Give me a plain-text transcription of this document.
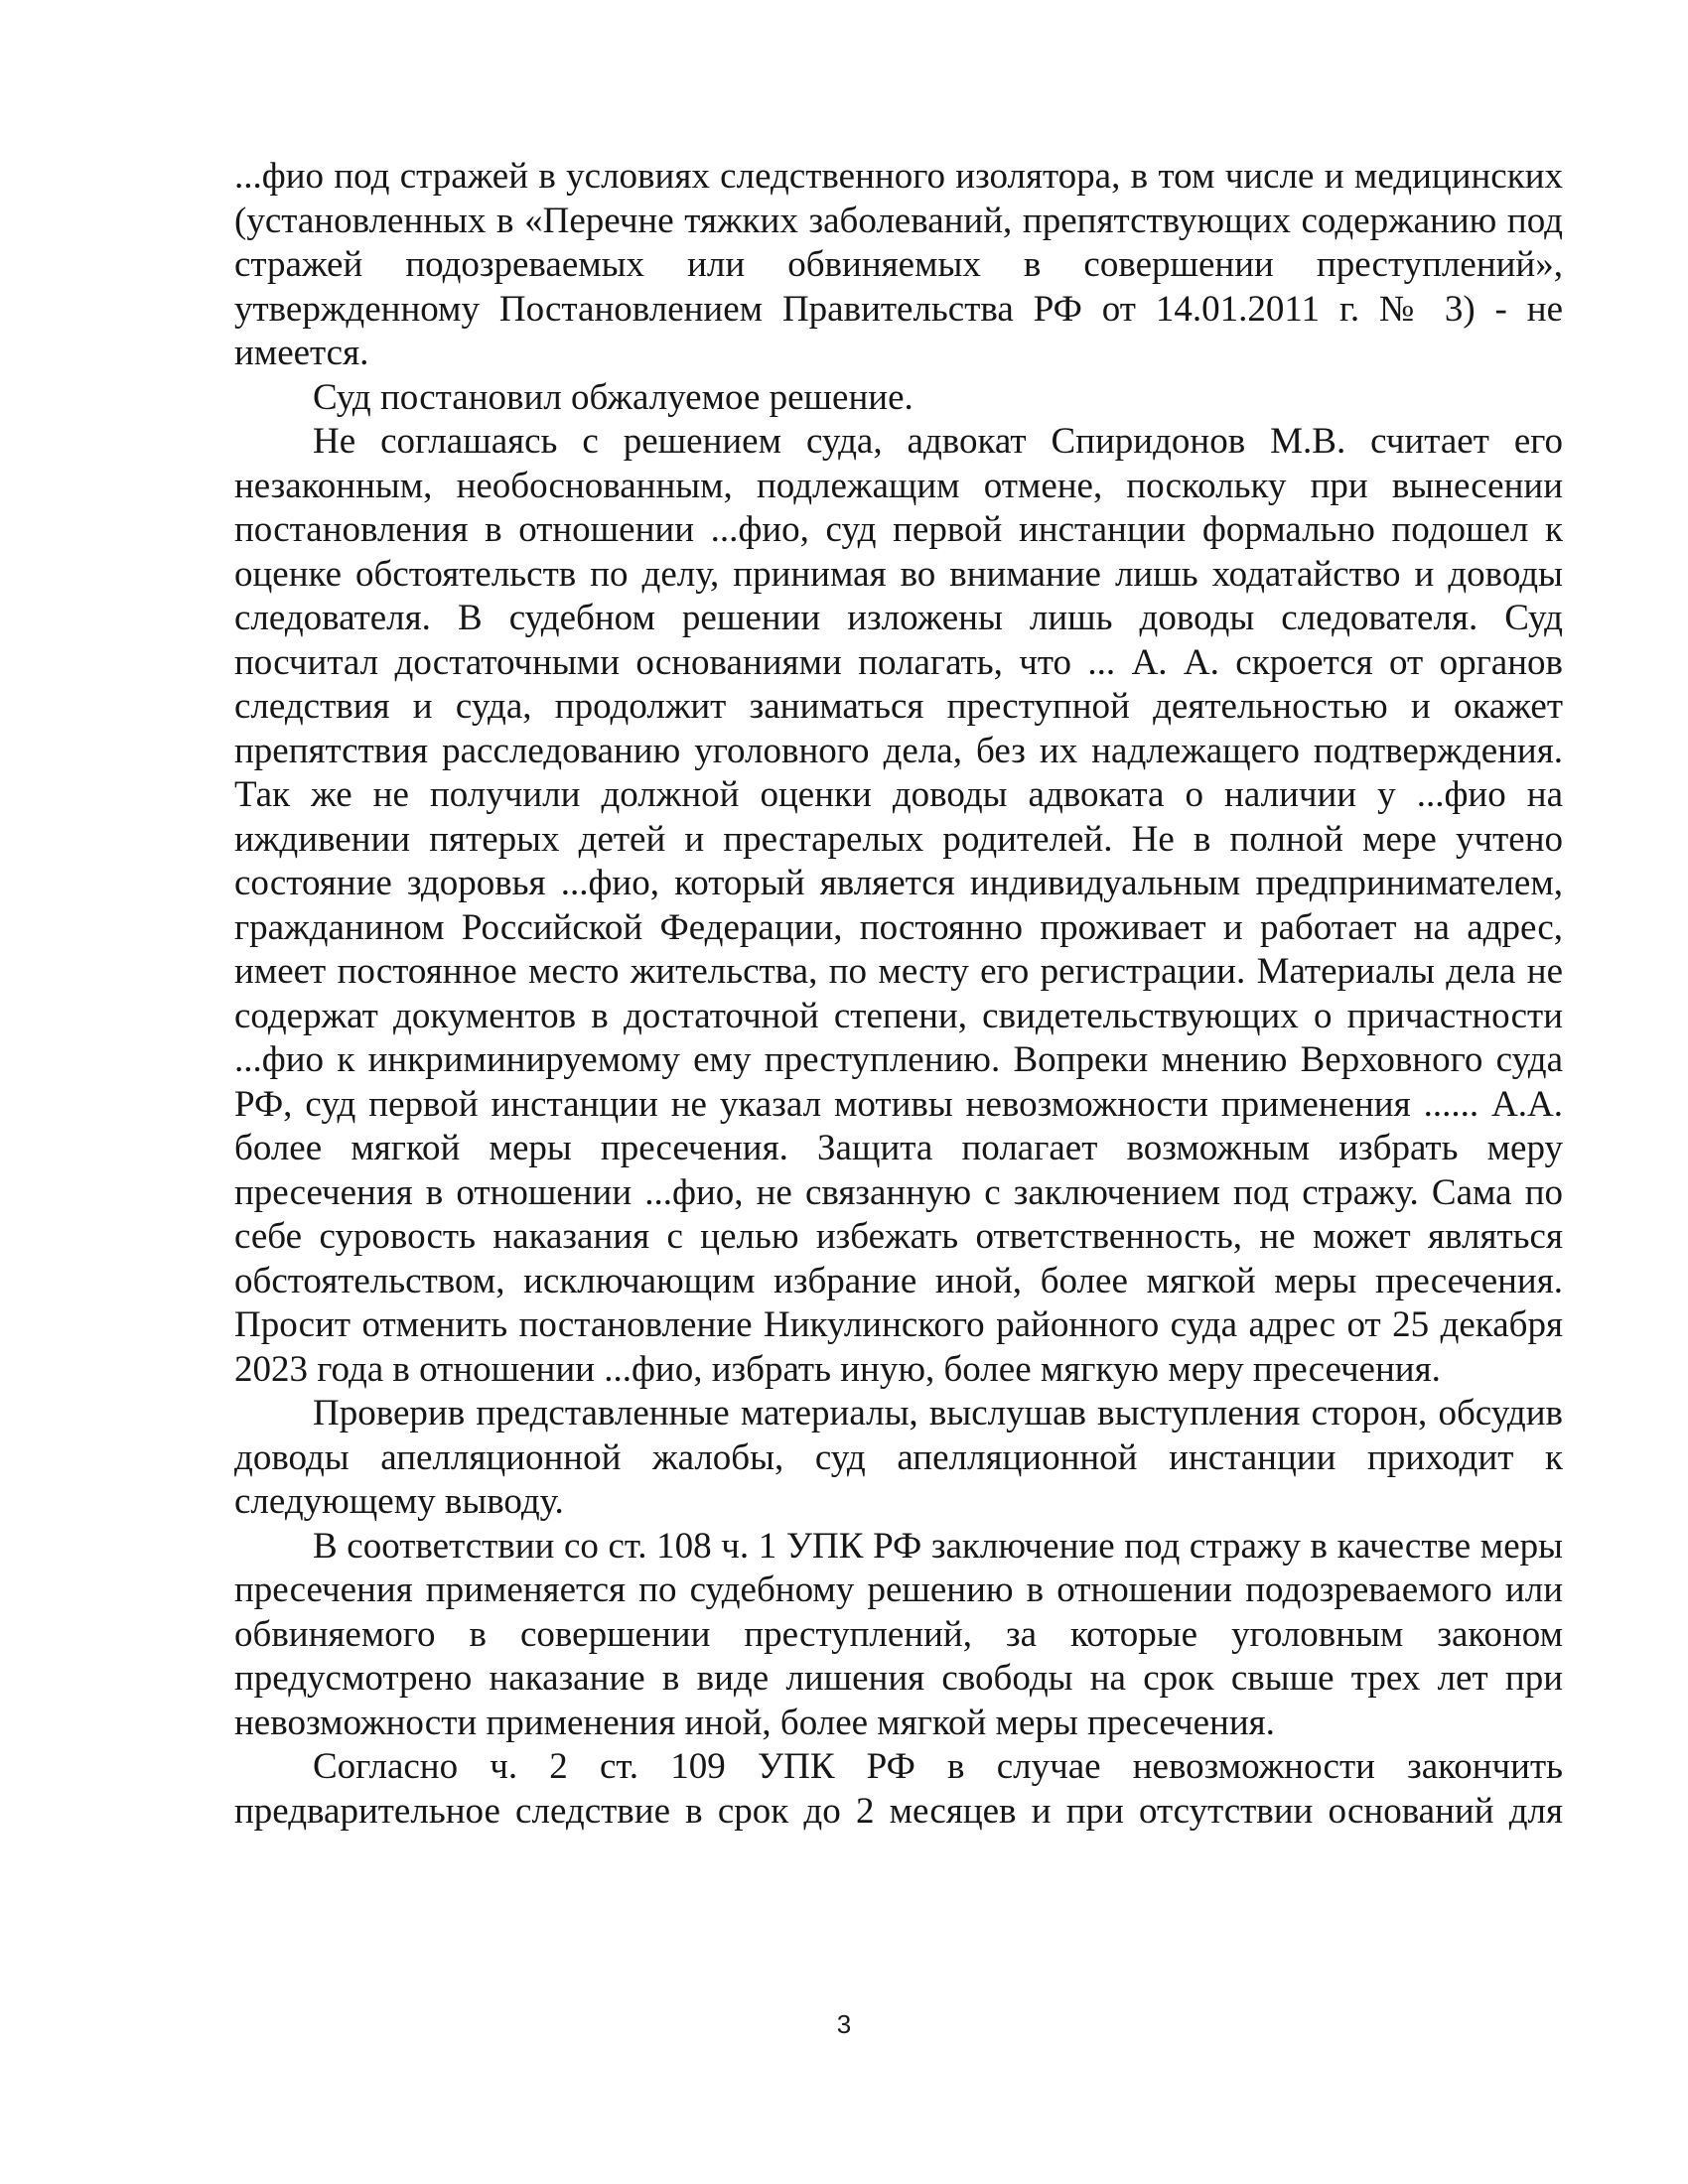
...фио под стражей в условиях следственного изолятора, в том числе и медицинских (установленных в «Перечне тяжких заболеваний, препятствующих содержанию под стражей подозреваемых или обвиняемых в совершении преступлений», утвержденному Постановлением Правительства РФ от 14.01.2011 г. № 3) - не имеется.

Суд постановил обжалуемое решение.

Не соглашаясь с решением суда, адвокат Спиридонов М.В. считает его незаконным, необоснованным, подлежащим отмене, поскольку при вынесении постановления в отношении ...фио, суд первой инстанции формально подошел к оценке обстоятельств по делу, принимая во внимание лишь ходатайство и доводы следователя. В судебном решении изложены лишь доводы следователя. Суд посчитал достаточными основаниями полагать, что ... А. А. скроется от органов следствия и суда, продолжит заниматься преступной деятельностью и окажет препятствия расследованию уголовного дела, без их надлежащего подтверждения. Так же не получили должной оценки доводы адвоката о наличии у ...фио на иждивении пятерых детей и престарелых родителей. Не в полной мере учтено состояние здоровья ...фио, который является индивидуальным предпринимателем, гражданином Российской Федерации, постоянно проживает и работает на адрес, имеет постоянное место жительства, по месту его регистрации. Материалы дела не содержат документов в достаточной степени, свидетельствующих о причастности ...фио к инкриминируемому ему преступлению. Вопреки мнению Верховного суда РФ, суд первой инстанции не указал мотивы невозможности применения ...... А.А. более мягкой меры пресечения. Защита полагает возможным избрать меру пресечения в отношении ...фио, не связанную с заключением под стражу. Сама по себе суровость наказания с целью избежать ответственность, не может являться обстоятельством, исключающим избрание иной, более мягкой меры пресечения. Просит отменить постановление Никулинского районного суда адрес от 25 декабря 2023 года в отношении ...фио, избрать иную, более мягкую меру пресечения.

Проверив представленные материалы, выслушав выступления сторон, обсудив доводы апелляционной жалобы, суд апелляционной инстанции приходит к следующему выводу.

В соответствии со ст. 108 ч. 1 УПК РФ заключение под стражу в качестве меры пресечения применяется по судебному решению в отношении подозреваемого или обвиняемого в совершении преступлений, за которые уголовным законом предусмотрено наказание в виде лишения свободы на срок свыше трех лет при невозможности применения иной, более мягкой меры пресечения.

Согласно ч. 2 ст. 109 УПК РФ в случае невозможности закончить предварительное следствие в срок до 2 месяцев и при отсутствии оснований для

3
